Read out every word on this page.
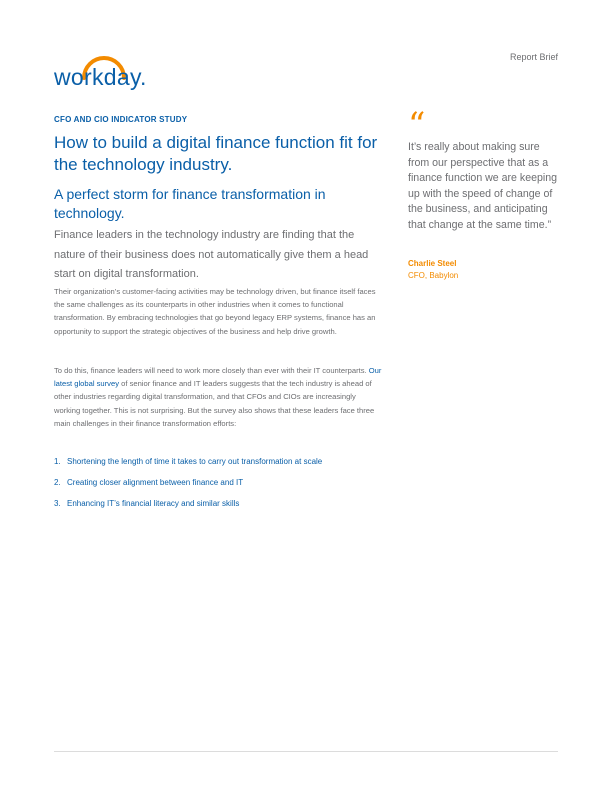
workday.
Report Brief
CFO AND CIO INDICATOR STUDY
How to build a digital finance function fit for the technology industry.
A perfect storm for finance transformation in technology.

Finance leaders in the technology industry are finding that the nature of their business does not automatically give them a head start on digital transformation.

Their organization’s customer-facing activities may be technology driven, but finance itself faces the same challenges as its counterparts in other industries when it comes to functional transformation. By embracing technologies that go beyond legacy ERP systems, finance has an opportunity to support the strategic objectives of the business and help drive growth.

To do this, finance leaders will need to work more closely than ever with their IT counterparts. Our latest global survey of senior finance and IT leaders suggests that the tech industry is ahead of other industries regarding digital transformation, and that CFOs and CIOs are increasingly working together. This is not surprising. But the survey also shows that these leaders face three main challenges in their finance transformation efforts:

1. Shortening the length of time it takes to carry out transformation at scale
2. Creating closer alignment between finance and IT
3. Enhancing IT’s financial literacy and similar skills
“

It’s really about making sure from our perspective that as a finance function we are keeping up with the speed of change of the business, and anticipating that change at the same time.”

Charlie Steel
CFO, Babylon
